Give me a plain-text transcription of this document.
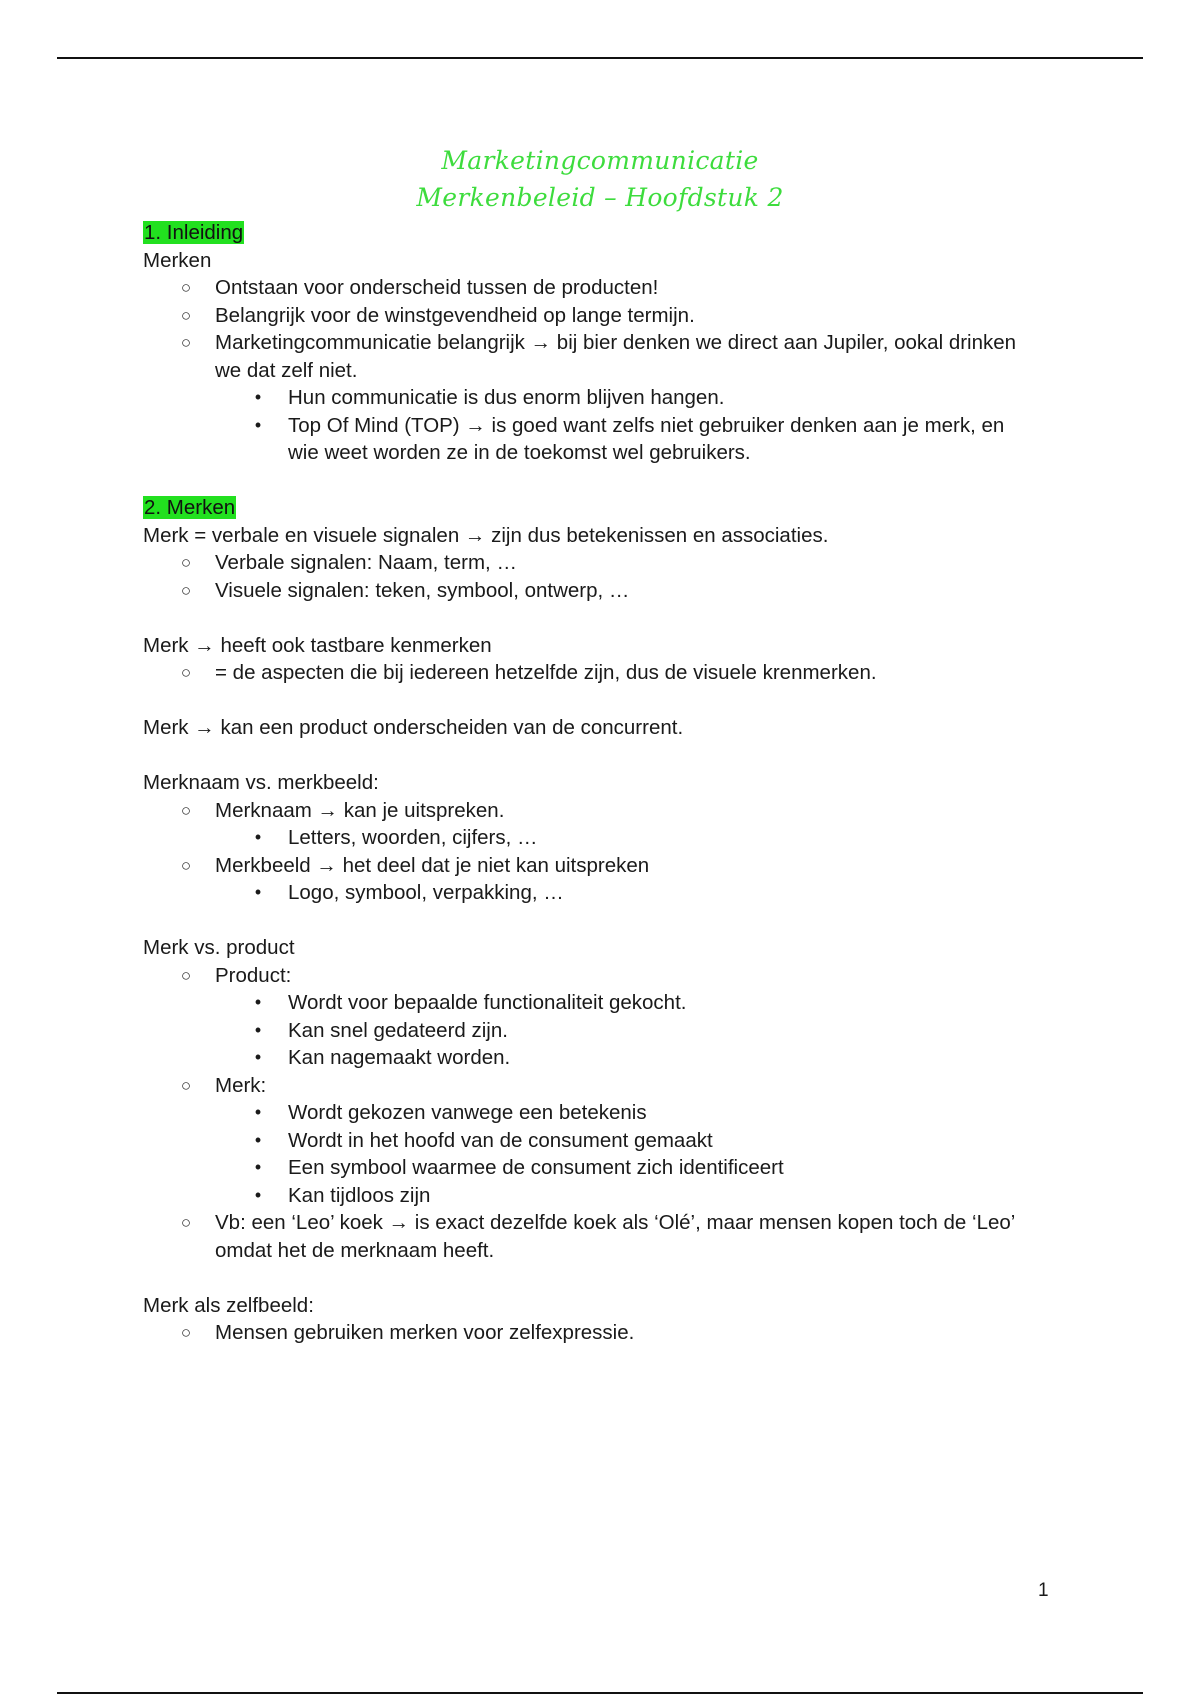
Marketingcommunicatie
Merkenbeleid – Hoofdstuk 2
1. Inleiding
Merken
○ Ontstaan voor onderscheid tussen de producten!
○ Belangrijk voor de winstgevendheid op lange termijn.
○ Marketingcommunicatie belangrijk → bij bier denken we direct aan Jupiler, ookal drinken we dat zelf niet.
•	Hun communicatie is dus enorm blijven hangen.
•	Top Of Mind (TOP) → is goed want zelfs niet gebruiker denken aan je merk, en wie weet worden ze in de toekomst wel gebruikers.
2. Merken
Merk = verbale en visuele signalen → zijn dus betekenissen en associaties.
○ Verbale signalen: Naam, term, …
○ Visuele signalen: teken, symbool, ontwerp, …
Merk → heeft ook tastbare kenmerken
○ = de aspecten die bij iedereen hetzelfde zijn, dus de visuele krenmerken.
Merk → kan een product onderscheiden van de concurrent.
Merknaam vs. merkbeeld:
○ Merknaam → kan je uitspreken.
•	Letters, woorden, cijfers, …
○ Merkbeeld → het deel dat je niet kan uitspreken
•	Logo, symbool, verpakking, …
Merk vs. product
○ Product:
•	Wordt voor bepaalde functionaliteit gekocht.
•	Kan snel gedateerd zijn.
•	Kan nagemaakt worden.
○ Merk:
•	Wordt gekozen vanwege een betekenis
•	Wordt in het hoofd van de consument gemaakt
•	Een symbool waarmee de consument zich identificeert
•	Kan tijdloos zijn
○ Vb: een ‘Leo’ koek → is exact dezelfde koek als ‘Olé’, maar mensen kopen toch de ‘Leo’ omdat het de merknaam heeft.
Merk als zelfbeeld:
○ Mensen gebruiken merken voor zelfexpressie.
1
